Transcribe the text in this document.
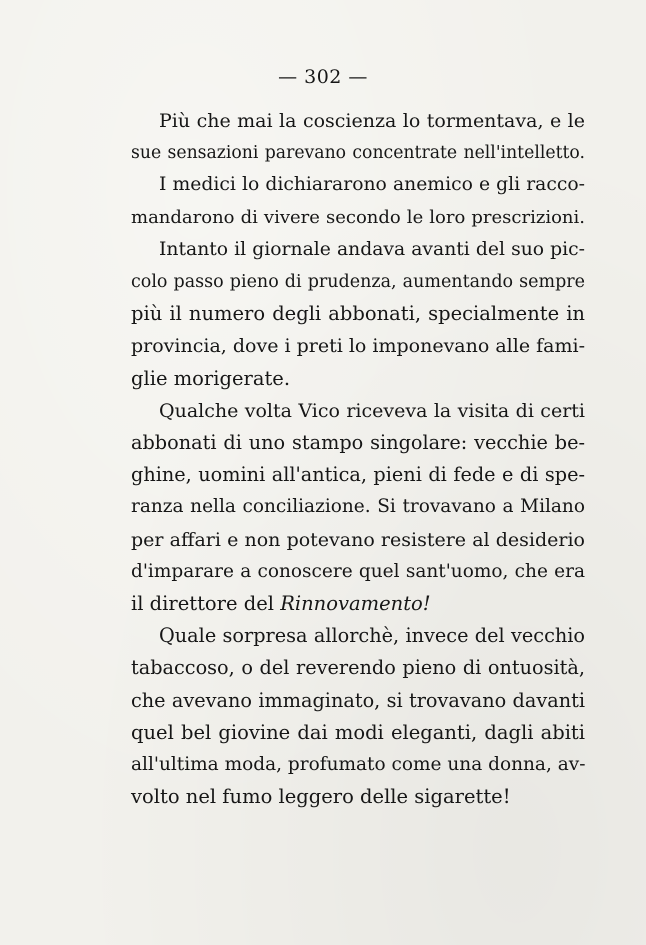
— 302 —
Più che mai la coscienza lo tormentava, e le
sue sensazioni parevano concentrate nell'intelletto.
I medici lo dichiararono anemico e gli racco-
mandarono di vivere secondo le loro prescrizioni.
Intanto il giornale andava avanti del suo pic-
colo passo pieno di prudenza, aumentando sempre
più il numero degli abbonati, specialmente in
provincia, dove i preti lo imponevano alle fami-
glie morigerate.
Qualche volta Vico riceveva la visita di certi
abbonati di uno stampo singolare: vecchie be-
ghine, uomini all'antica, pieni di fede e di spe-
ranza nella conciliazione. Si trovavano a Milano
per affari e non potevano resistere al desiderio
d'imparare a conoscere quel sant'uomo, che era
il direttore del Rinnovamento!
Quale sorpresa allorchè, invece del vecchio
tabaccoso, o del reverendo pieno di ontuosità,
che avevano immaginato, si trovavano davanti
quel bel giovine dai modi eleganti, dagli abiti
all'ultima moda, profumato come una donna, av-
volto nel fumo leggero delle sigarette!
